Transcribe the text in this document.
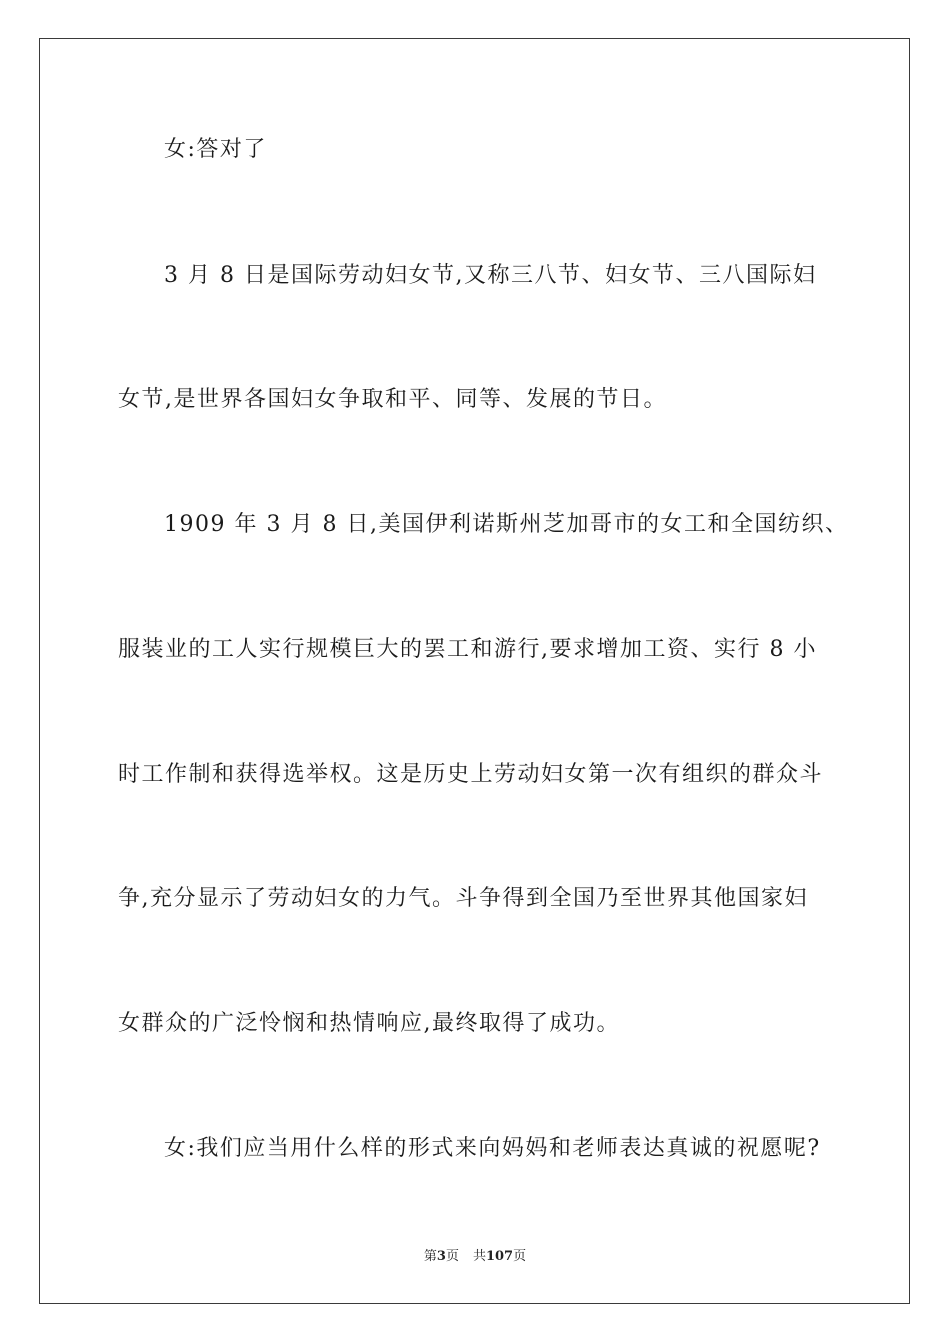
女:答对了
3 月 8 日是国际劳动妇女节,又称三八节、妇女节、三八国际妇
女节,是世界各国妇女争取和平、同等、发展的节日。
1909 年 3 月 8 日,美国伊利诺斯州芝加哥市的女工和全国纺织、
服装业的工人实行规模巨大的罢工和游行,要求增加工资、实行 8 小
时工作制和获得选举权。这是历史上劳动妇女第一次有组织的群众斗
争,充分显示了劳动妇女的力气。斗争得到全国乃至世界其他国家妇
女群众的广泛怜悯和热情响应,最终取得了成功。
女:我们应当用什么样的形式来向妈妈和老师表达真诚的祝愿呢?
第3页 共107页
